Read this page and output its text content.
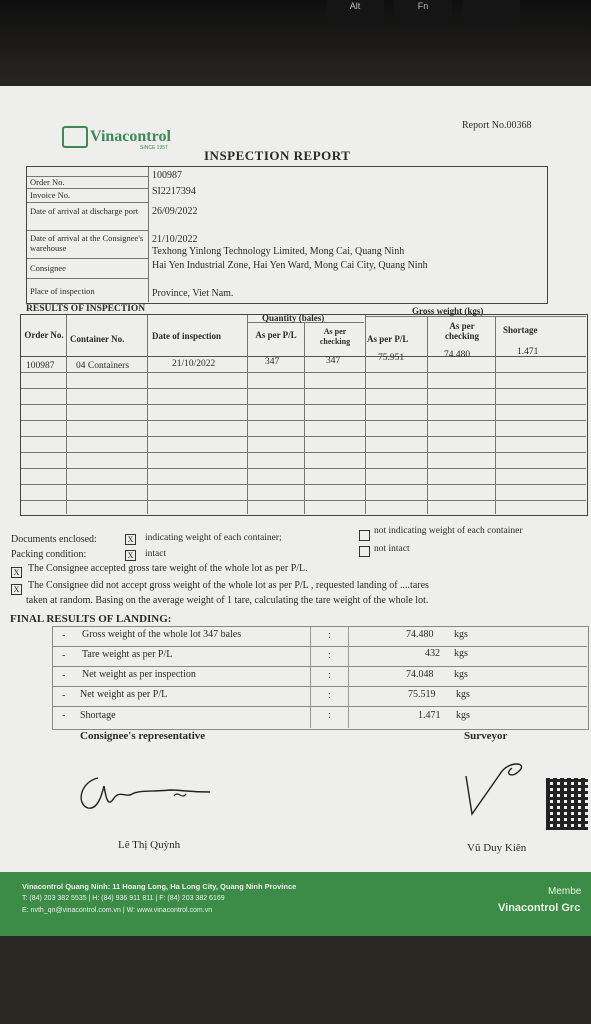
Alt	Fn
Vinacontrol
SINCE 1957
Report No.00368
INSPECTION REPORT
Order No.
100987
Invoice No.	SI2217394
Date of arrival at discharge port	26/09/2022
Date of arrival at the Consignee's warehouse
21/10/2022
Consignee
Texhong Yinlong Technology Limited, Mong Cai, Quang Ninh
Place of inspection
Hai Yen Industrial Zone, Hai Yen Ward, Mong Cai City, Quang Ninh
Province, Viet Nam.
RESULTS OF INSPECTION
Quantity (bales)
Gross weight (kgs)
Order No. Container No.	Date of inspection	As per P/L	As per checking	As per P/L
As per checking
Shortage
100987 04 Containers	21/10/2022	347	347	75.951	74.480	1.471
Documents enclosed:	X indicating weight of each container;
not indicating weight of each container
Packing condition:	X intact	not intact
X The Consignee accepted gross tare weight of the whole lot as per P/L.
X The Consignee did not accept gross weight of the whole lot as per P/L , requested landing of ....tares
taken at random. Basing on the average weight of 1 tare, calculating the tare weight of the whole lot.
FINAL RESULTS OF LANDING:
- Gross weight of the whole lot 347 bales	:	74.480 kgs
- Tare weight as per P/L	:	432 kgs
- Net weight as per inspection	:	74.048 kgs
- Net weight as per P/L	:	75.519 kgs
- Shortage	:	1.471 kgs
Consignee's representative	Surveyor
Lê Thị Quỳnh	Vũ Duy Kiên
Vinacontrol Quang Ninh: 11 Hoang Long, Ha Long City, Quang Ninh Province
T: (84) 203 382 5535 | H: (84) 936 911 811 | F: (84) 203 382 6169
E: nvth_qn@vinacontrol.com.vn | W: www.vinacontrol.com.vn
Membe
Vinacontrol Grc
